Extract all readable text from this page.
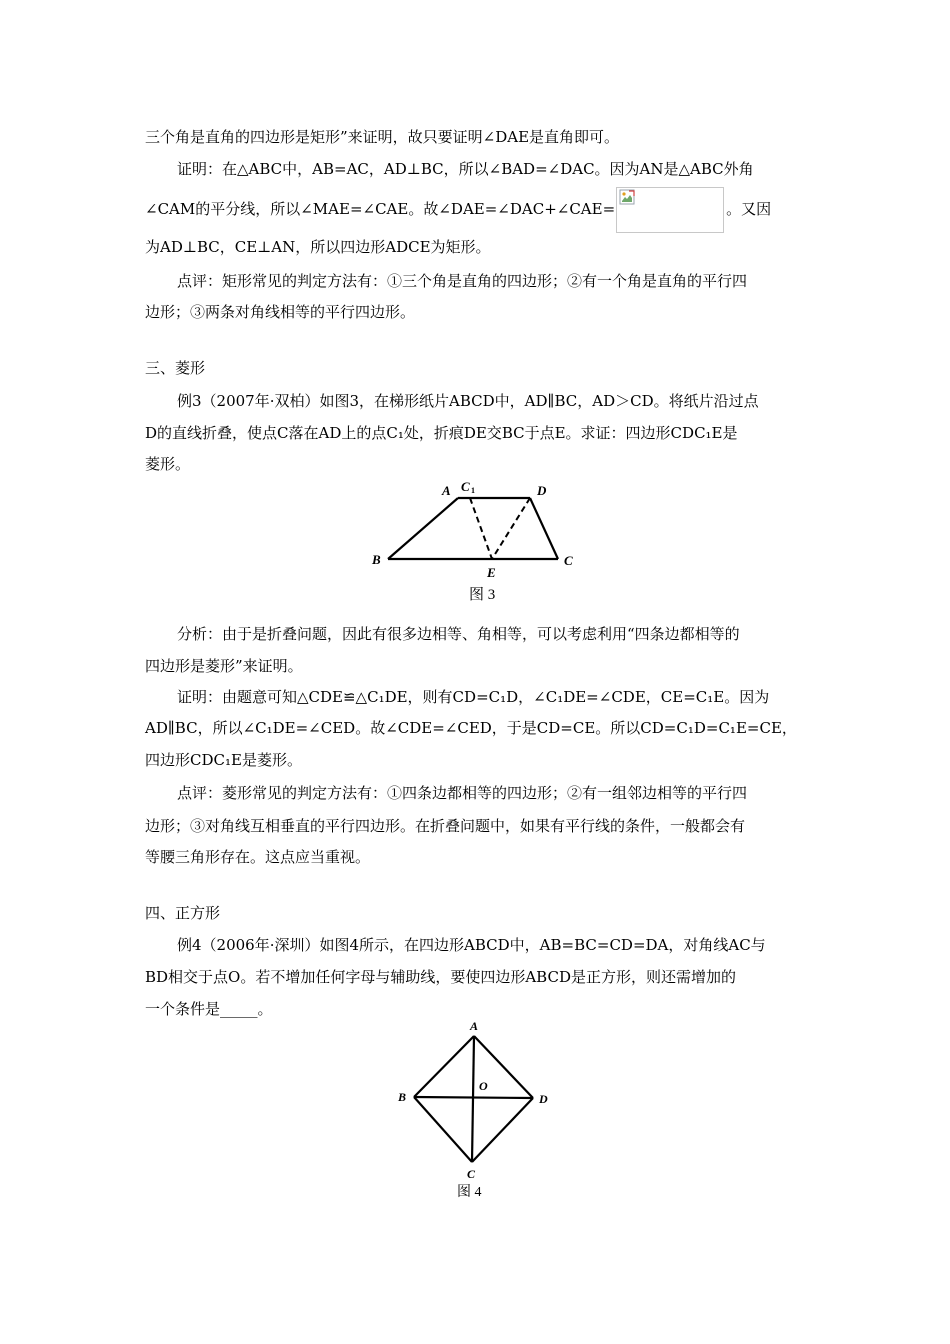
三个角是直角的四边形是矩形”来证明，故只要证明∠DAE是直角即可。
证明：在△ABC中，AB=AC，AD⊥BC，所以∠BAD=∠DAC。因为AN是△ABC外角
∠CAM的平分线，所以∠MAE=∠CAE。故∠DAE=∠DAC+∠CAE=	。又因
为AD⊥BC，CE⊥AN，所以四边形ADCE为矩形。
点评：矩形常见的判定方法有：①三个角是直角的四边形；②有一个角是直角的平行四
边形；③两条对角线相等的平行四边形。
三、菱形
例3（2007年·双柏）如图3，在梯形纸片ABCD中，AD∥BC，AD＞CD。将纸片沿过点
D的直线折叠，使点C落在AD上的点C₁处，折痕DE交BC于点E。求证：四边形CDC₁E是
菱形。
A C 1	D
B
E
C
图 3
分析：由于是折叠问题，因此有很多边相等、角相等，可以考虑利用“四条边都相等的
四边形是菱形”来证明。
证明：由题意可知△CDE≌△C₁DE，则有CD=C₁D，∠C₁DE=∠CDE，CE=C₁E。因为
AD∥BC，所以∠C₁DE=∠CED。故∠CDE=∠CED，于是CD=CE。所以CD=C₁D=C₁E=CE，
四边形CDC₁E是菱形。
点评：菱形常见的判定方法有：①四条边都相等的四边形；②有一组邻边相等的平行四
边形；③对角线互相垂直的平行四边形。在折叠问题中，如果有平行线的条件，一般都会有
等腰三角形存在。这点应当重视。
四、正方形
例4（2006年·深圳）如图4所示，在四边形ABCD中，AB=BC=CD=DA，对角线AC与
BD相交于点O。若不增加任何字母与辅助线，要使四边形ABCD是正方形，则还需增加的
一个条件是_____。
A
B	D
O
C
图 4
